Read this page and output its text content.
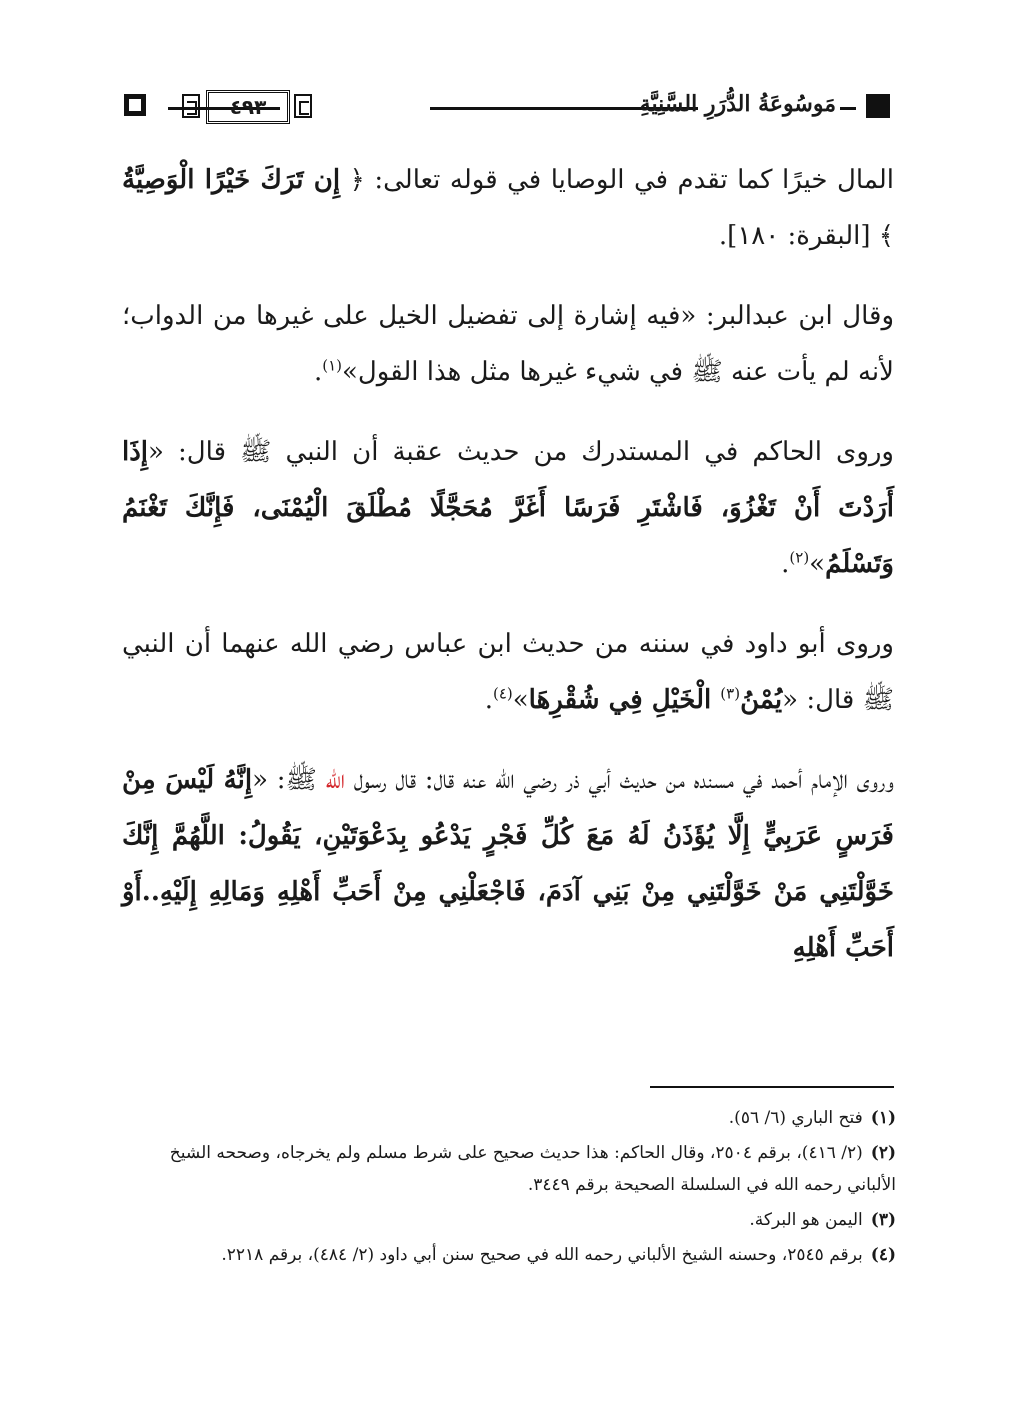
٤٩٣	مَوسُوعَةُ الدُّرَرِ السَّنِيَّةِ

المال خيرًا كما تقدم في الوصايا في قوله تعالى: ﴿ إِن تَرَكَ خَيْرًا الْوَصِيَّةُ ﴾ [البقرة: ١٨٠].

وقال ابن عبدالبر: «فيه إشارة إلى تفضيل الخيل على غيرها من الدواب؛ لأنه لم يأت عنه ﷺ في شيء غيرها مثل هذا القول»$^{(١)}$.

وروى الحاكم في المستدرك من حديث عقبة أن النبي ﷺ قال: «إِذَا أَرَدْتَ أَنْ تَغْزُوَ، فَاشْتَرِ فَرَسًا أَغَرَّ مُحَجَّلًا مُطْلَقَ الْيُمْنَى، فَإِنَّكَ تَغْنَمُ وَتَسْلَمُ»$^{(٢)}$.

وروى أبو داود في سننه من حديث ابن عباس رضي الله عنهما أن النبي ﷺ قال: «يُمْنُ$^{(٣)}$ الْخَيْلِ فِي شُقْرِهَا»$^{(٤)}$.

وروى الإمام أحمد في مسنده من حديث أبي ذر رضي الله عنه قال: قال رسول الله ﷺ: «إِنَّهُ لَيْسَ مِنْ فَرَسٍ عَرَبِيٍّ إِلَّا يُؤَذَنُ لَهُ مَعَ كُلِّ فَجْرٍ يَدْعُو بِدَعْوَتَيْنِ، يَقُولُ: اللَّهُمَّ إِنَّكَ خَوَّلْتَنِي مَنْ خَوَّلْتَنِي مِنْ بَنِي آدَمَ، فَاجْعَلْنِي مِنْ أَحَبِّ أَهْلِهِ وَمَالِهِ إِلَيْهِ..أَوْ أَحَبِّ أَهْلِهِ

(١)فتح الباري (٦/ ٥٦).

(٢)(٢/ ٤١٦)، برقم ٢٥٠٤، وقال الحاكم: هذا حديث صحيح على شرط مسلم ولم يخرجاه، وصححه الشيخ الألباني رحمه الله في السلسلة الصحيحة برقم ٣٤٤٩.

(٣)اليمن هو البركة.

(٤)برقم ٢٥٤٥، وحسنه الشيخ الألباني رحمه الله في صحيح سنن أبي داود (٢/ ٤٨٤)، برقم ٢٢١٨.
